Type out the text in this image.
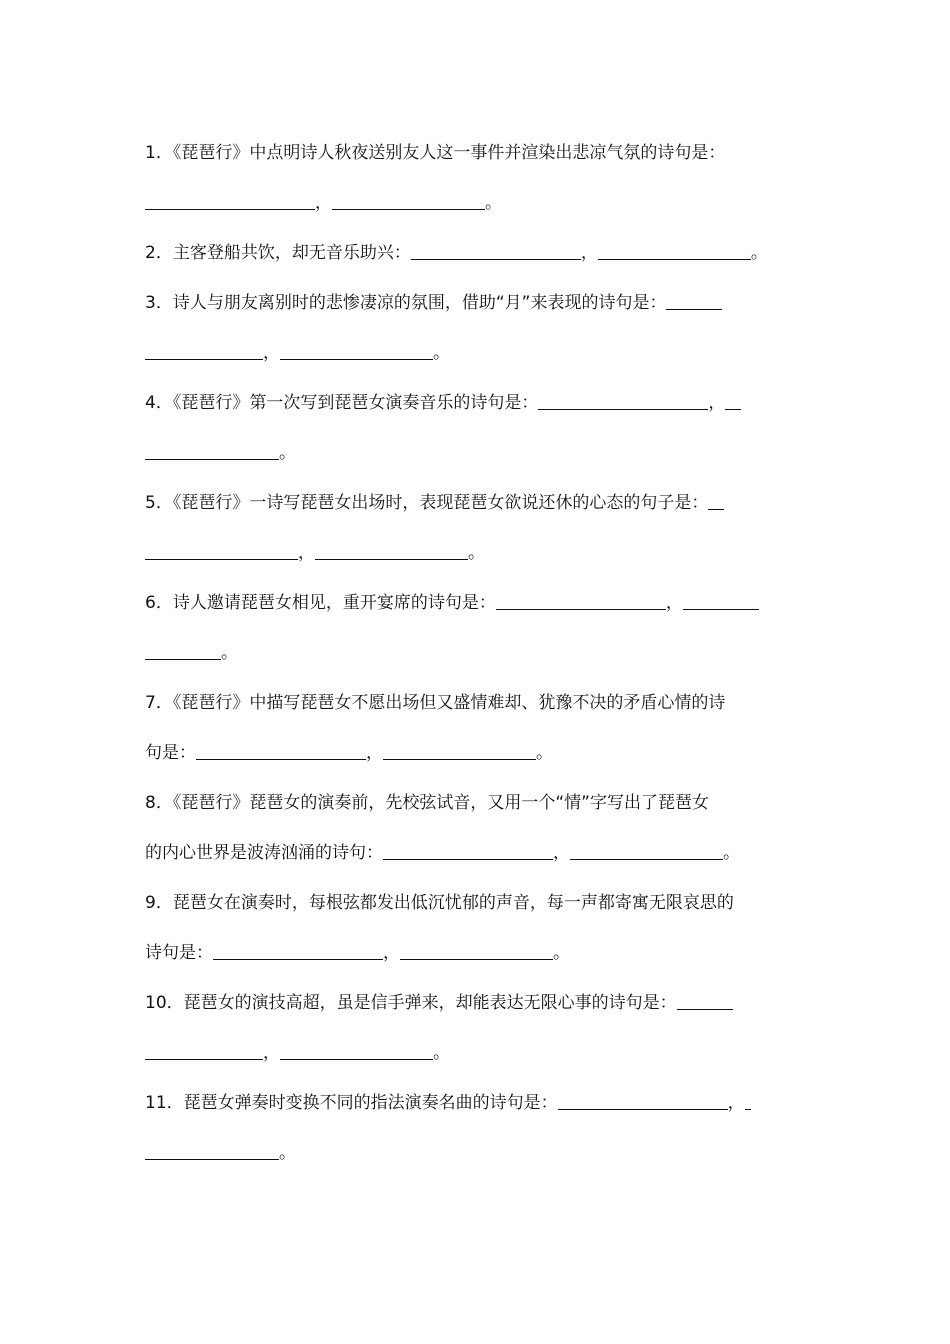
1．《琵琶行》中点明诗人秋夜送别友人这一事件并渲染出悲凉气氛的诗句是：
，	。
2．主客登船共饮，却无音乐助兴：	，	。
3．诗人与朋友离别时的悲惨凄凉的氛围，借助“月”来表现的诗句是：
，	。
4．《琵琶行》第一次写到琵琶女演奏音乐的诗句是：	，
。
5．《琵琶行》一诗写琵琶女出场时，表现琵琶女欲说还休的心态的句子是：
，	。
6．诗人邀请琵琶女相见，重开宴席的诗句是：	，
。
7．《琵琶行》中描写琵琶女不愿出场但又盛情难却、犹豫不决的矛盾心情的诗
句是：	，	。
8．《琵琶行》琵琶女的演奏前，先校弦试音，又用一个“情”字写出了琵琶女
的内心世界是波涛汹涌的诗句：	，	。
9．琵琶女在演奏时，每根弦都发出低沉忧郁的声音，每一声都寄寓无限哀思的
诗句是：	，	。
10．琵琶女的演技高超，虽是信手弹来，却能表达无限心事的诗句是：
，	。
11．琵琶女弹奏时变换不同的指法演奏名曲的诗句是：	，
。
